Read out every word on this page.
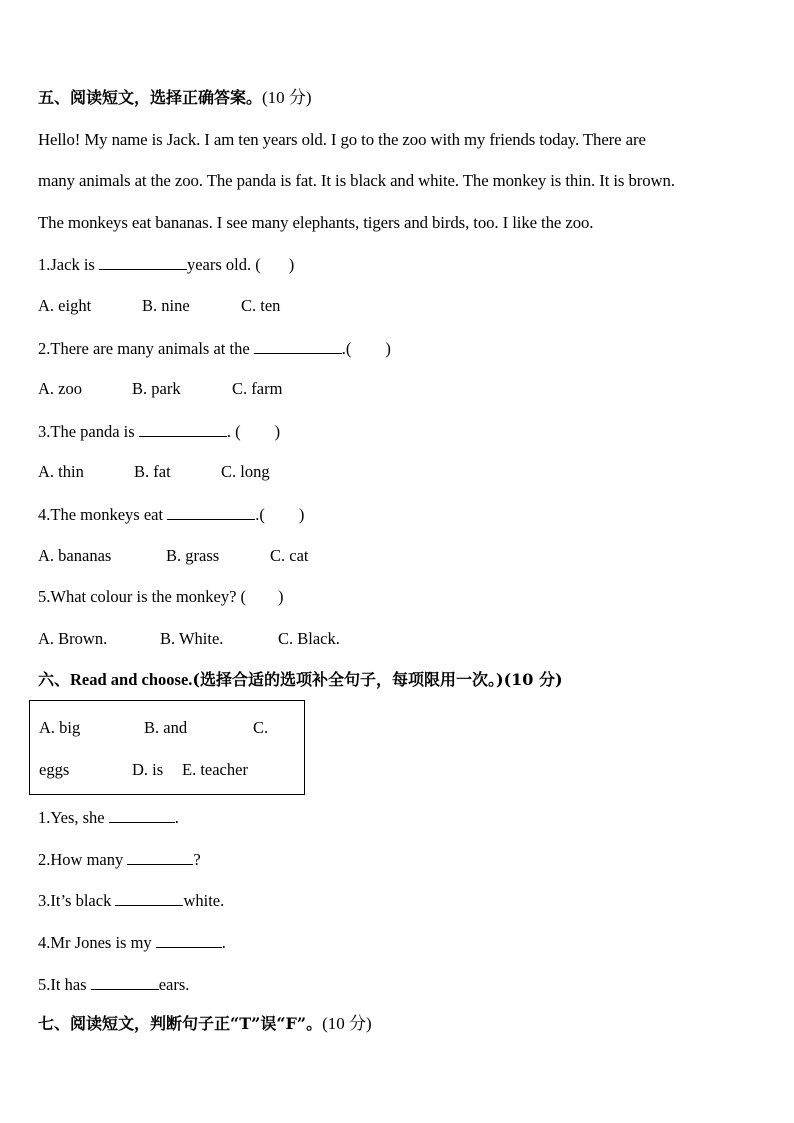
五、阅读短文，选择正确答案。(10 分)
Hello! My name is Jack. I am ten years old. I go to the zoo with my friends today. There are
many animals at the zoo. The panda is fat. It is black and white. The monkey is thin. It is brown.
The monkeys eat bananas. I see many elephants, tigers and birds, too. I like the zoo.
1.Jack is	years old. ( )
A. eight	B. nine	C. ten
2.There are many animals at the	.( )
A. zoo	B. park	C. farm
3.The panda is	. ( )
A. thin	B. fat	C. long
4.The monkeys eat	.( )
A. bananas	B. grass	C. cat
5.What colour is the monkey? ( )
A. Brown.	B. White.	C. Black.
六、Read and choose.(选择合适的选项补全句子，每项限用一次。)(10 分)
A. big	B. and	C.
eggs	D. is E. teacher
1.Yes, she	.
2.How many	?
3.It’s black	white.
4.Mr Jones is my	.
5.It has	ears.
七、阅读短文，判断句子正“T”误“F”。(10 分)
